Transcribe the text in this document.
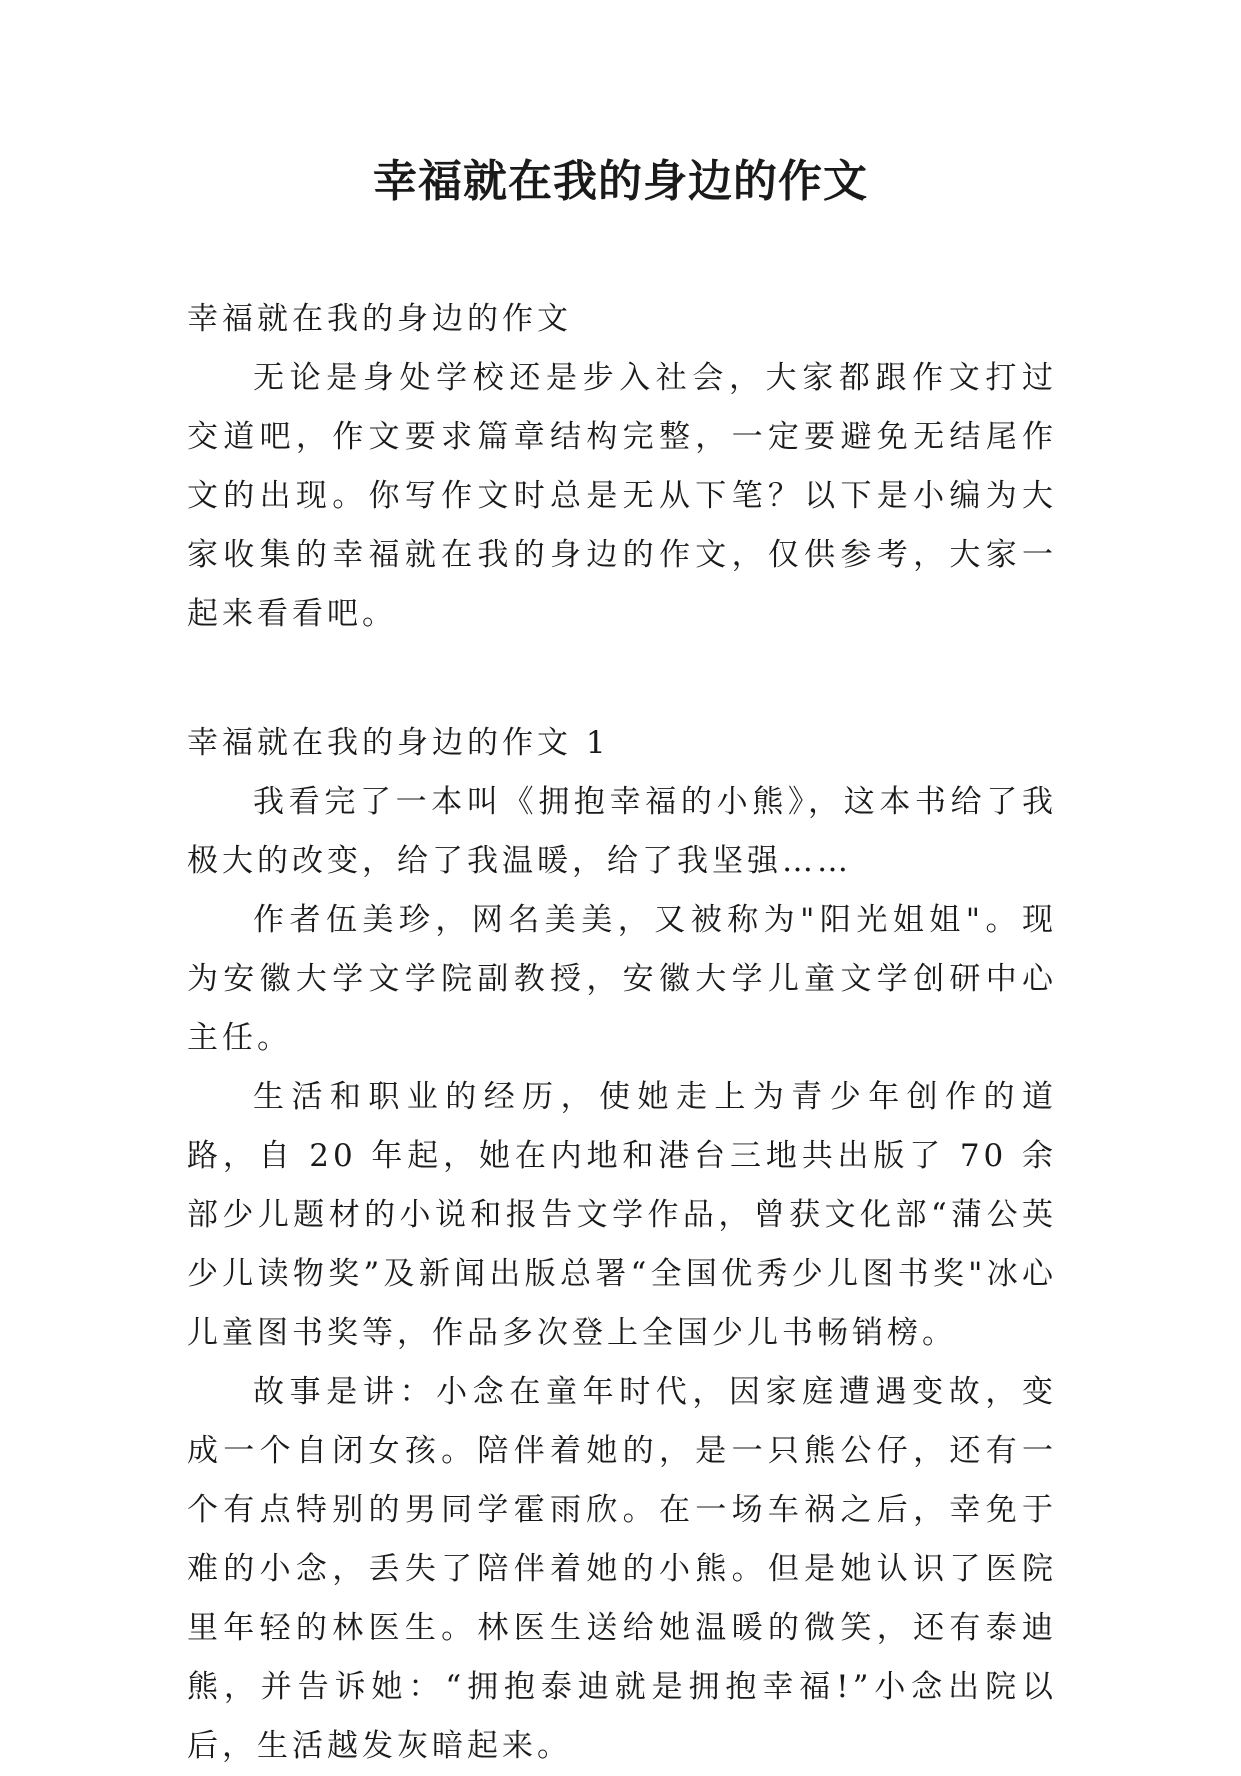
幸福就在我的身边的作文

幸福就在我的身边的作文

无论是身处学校还是步入社会，大家都跟作文打过交道吧，作文要求篇章结构完整，一定要避免无结尾作文的出现。你写作文时总是无从下笔？以下是小编为大家收集的幸福就在我的身边的作文，仅供参考，大家一起来看看吧。

幸福就在我的身边的作文 1

我看完了一本叫《拥抱幸福的小熊》，这本书给了我极大的改变，给了我温暖，给了我坚强……

作者伍美珍，网名美美，又被称为"阳光姐姐"。现为安徽大学文学院副教授，安徽大学儿童文学创研中心主任。

生活和职业的经历，使她走上为青少年创作的道路，自 20 年起，她在内地和港台三地共出版了 70 余部少儿题材的小说和报告文学作品，曾获文化部“蒲公英少儿读物奖”及新闻出版总署“全国优秀少儿图书奖"冰心儿童图书奖等，作品多次登上全国少儿书畅销榜。

故事是讲：小念在童年时代，因家庭遭遇变故，变成一个自闭女孩。陪伴着她的，是一只熊公仔，还有一个有点特别的男同学霍雨欣。在一场车祸之后，幸免于难的小念，丢失了陪伴着她的小熊。但是她认识了医院里年轻的林医生。林医生送给她温暖的微笑，还有泰迪熊，并告诉她：“拥抱泰迪就是拥抱幸福!”小念出院以后，生活越发灰暗起来。
